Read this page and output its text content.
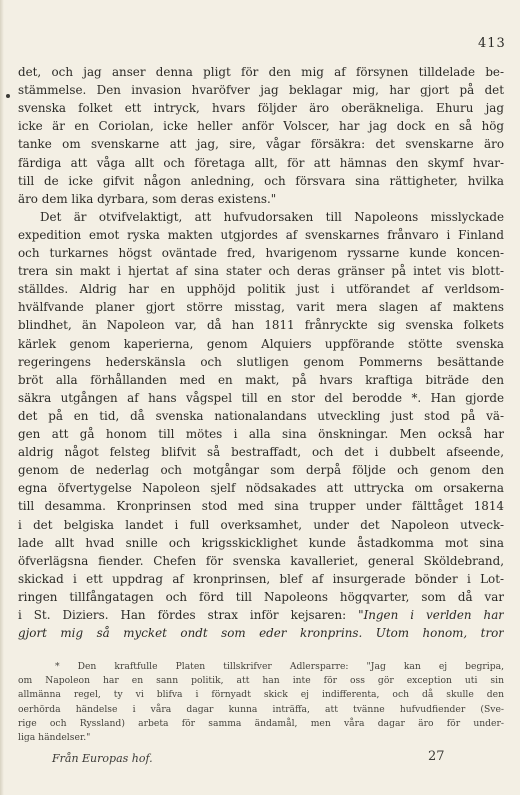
413
det, och jag anser denna pligt för den mig af försynen tilldelade be-
stämmelse. Den invasion hvaröfver jag beklagar mig, har gjort på det
svenska folket ett intryck, hvars följder äro oberäkneliga. Ehuru jag
icke är en Coriolan, icke heller anför Volscer, har jag dock en så hög
tanke om svenskarne att jag, sire, vågar försäkra: det svenskarne äro
färdiga att våga allt och företaga allt, för att hämnas den skymf hvar-
till de icke gifvit någon anledning, och försvara sina rättigheter, hvilka
äro dem lika dyrbara, som deras existens."
Det är otvifvelaktigt, att hufvudorsaken till Napoleons misslyckade
expedition emot ryska makten utgjordes af svenskarnes frånvaro i Finland
och turkarnes högst oväntade fred, hvarigenom ryssarne kunde koncen-
trera sin makt i hjertat af sina stater och deras gränser på intet vis blott-
ställdes. Aldrig har en upphöjd politik just i utförandet af verldsom-
hvälfvande planer gjort större misstag, varit mera slagen af maktens
blindhet, än Napoleon var, då han 1811 frånryckte sig svenska folkets
kärlek genom kaperierna, genom Alquiers uppförande stötte svenska
regeringens hederskänsla och slutligen genom Pommerns besättande
bröt alla förhållanden med en makt, på hvars kraftiga biträde den
säkra utgången af hans vågspel till en stor del berodde *. Han gjorde
det på en tid, då svenska nationalandans utveckling just stod på vä-
gen att gå honom till mötes i alla sina önskningar. Men också har
aldrig något felsteg blifvit så bestraffadt, och det i dubbelt afseende,
genom de nederlag och motgångar som derpå följde och genom den
egna öfvertygelse Napoleon sjelf nödsakades att uttrycka om orsakerna
till desamma. Kronprinsen stod med sina trupper under fälttåget 1814
i det belgiska landet i full overksamhet, under det Napoleon utveck-
lade allt hvad snille och krigsskicklighet kunde åstadkomma mot sina
öfverlägsna fiender. Chefen för svenska kavalleriet, general Sköldebrand,
skickad i ett uppdrag af kronprinsen, blef af insurgerade bönder i Lot-
ringen tillfångatagen och förd till Napoleons högqvarter, som då var
i St. Diziers. Han fördes strax inför kejsaren: "Ingen i verlden har
gjort mig så mycket ondt som eder kronprins. Utom honom, tror
* Den kraftfulle Platen tillskrifver Adlersparre: "Jag kan ej begripa,
om Napoleon har en sann politik, att han inte för oss gör exception uti sin
allmänna regel, ty vi blifva i förnyadt skick ej indifferenta, och då skulle den
oerhörda händelse i våra dagar kunna inträffa, att tvänne hufvudfiender (Sve-
rige och Ryssland) arbeta för samma ändamål, men våra dagar äro för under-
liga händelser."
Från Europas hof.	27
